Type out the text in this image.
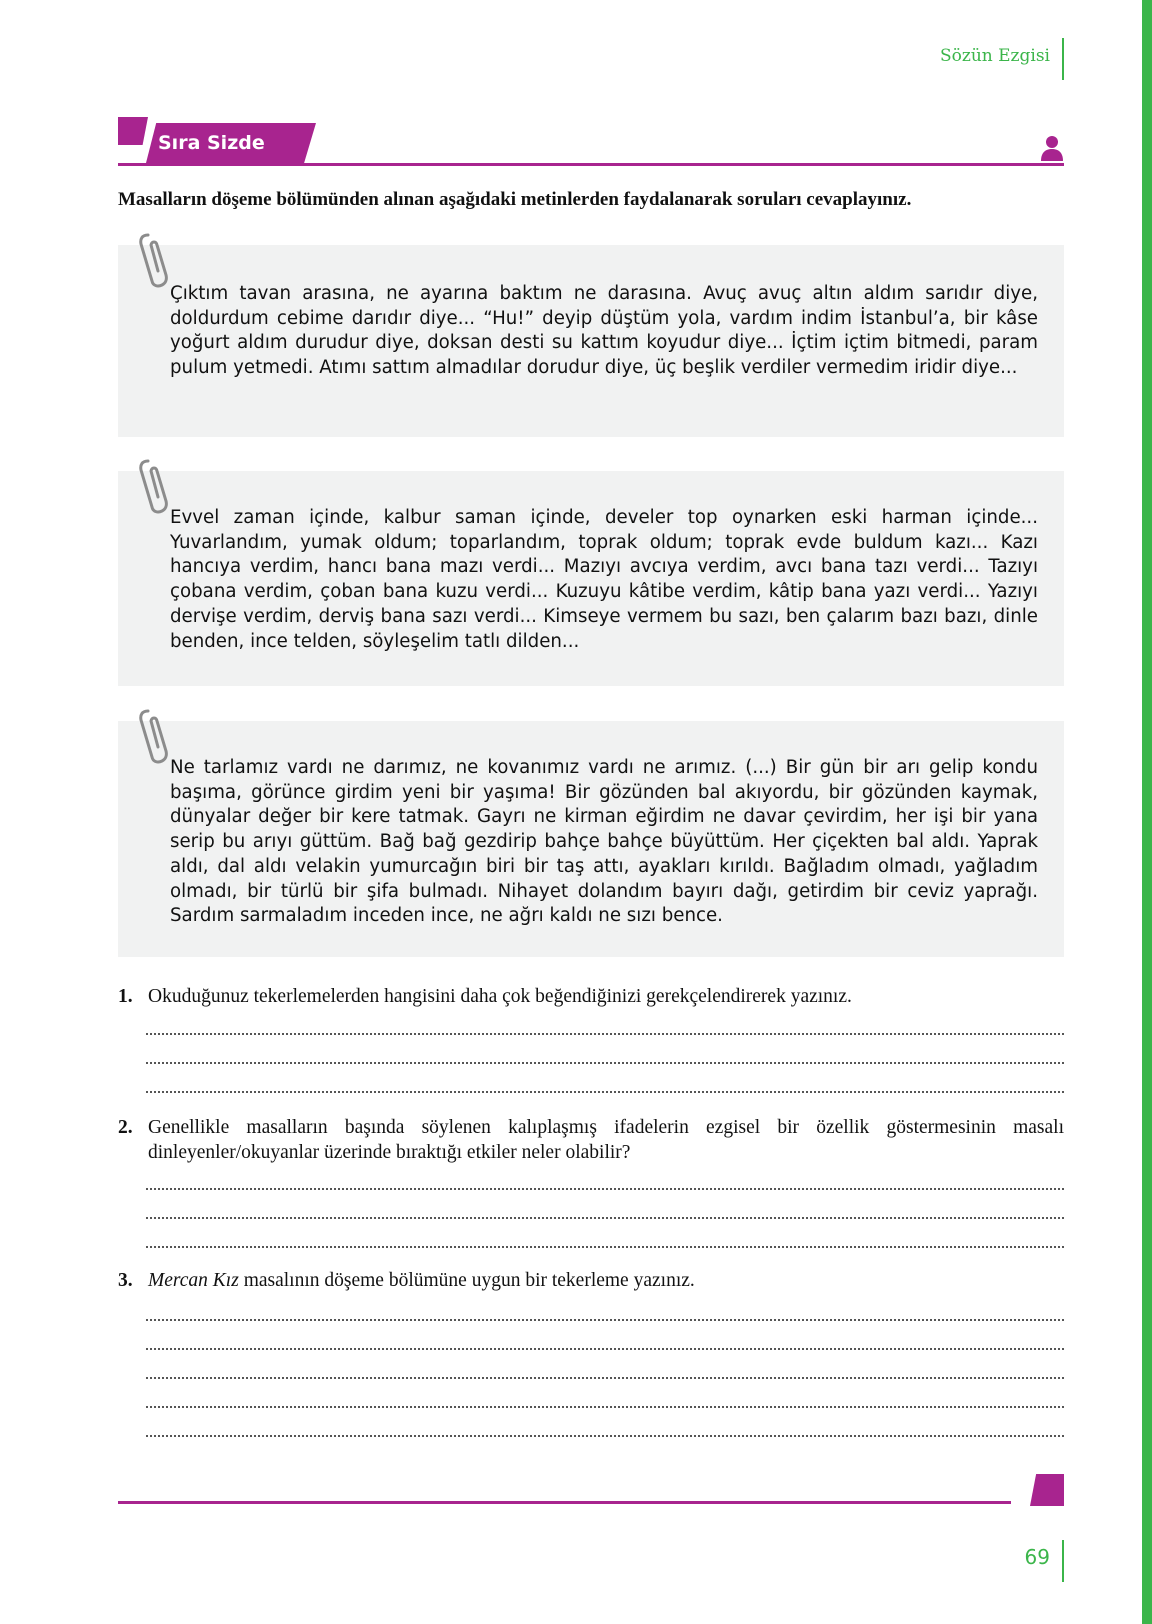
Sözün Ezgisi
Sıra Sizde
Masalların döşeme bölümünden alınan aşağıdaki metinlerden faydalanarak soruları cevaplayınız.

Çıktım tavan arasına, ne ayarına baktım ne darasına. Avuç avuç altın aldım sarıdır diye, doldurdum cebime darıdır diye... “Hu!” deyip düştüm yola, vardım indim İstanbul’a, bir kâse yoğurt aldım durudur diye, doksan desti su kattım koyudur diye... İçtim içtim bitmedi, param pulum yetmedi. Atımı sattım almadılar dorudur diye, üç beşlik verdiler vermedim iridir diye...

Evvel zaman içinde, kalbur saman içinde, develer top oynarken eski harman içinde... Yuvarlandım, yumak oldum; toparlandım, toprak oldum; toprak evde buldum kazı... Kazı hancıya verdim, hancı bana mazı verdi... Mazıyı avcıya verdim, avcı bana tazı verdi... Tazıyı çobana verdim, çoban bana kuzu verdi... Kuzuyu kâtibe verdim, kâtip bana yazı verdi... Yazıyı dervişe verdim, derviş bana sazı verdi... Kimseye vermem bu sazı, ben çalarım bazı bazı, dinle benden, ince telden, söyleşelim tatlı dilden...

Ne tarlamız vardı ne darımız, ne kovanımız vardı ne arımız. (...) Bir gün bir arı gelip kondu başıma, görünce girdim yeni bir yaşıma! Bir gözünden bal akıyordu, bir gözünden kaymak, dünyalar değer bir kere tatmak. Gayrı ne kirman eğirdim ne davar çevirdim, her işi bir yana serip bu arıyı güttüm. Bağ bağ gezdirip bahçe bahçe büyüttüm. Her çiçekten bal aldı. Yaprak aldı, dal aldı velakin yumurcağın biri bir taş attı, ayakları kırıldı. Bağladım olmadı, yağladım olmadı, bir türlü bir şifa bulmadı. Nihayet dolandım bayırı dağı, getirdim bir ceviz yaprağı. Sardım sarmaladım inceden ince, ne ağrı kaldı ne sızı bence.

1. Okuduğunuz tekerlemelerden hangisini daha çok beğendiğinizi gerekçelendirerek yazınız.
2. Genellikle masalların başında söylenen kalıplaşmış ifadelerin ezgisel bir özellik göstermesinin masalı dinleyenler/okuyanlar üzerinde bıraktığı etkiler neler olabilir?
3. Mercan Kız masalının döşeme bölümüne uygun bir tekerleme yazınız.
69
